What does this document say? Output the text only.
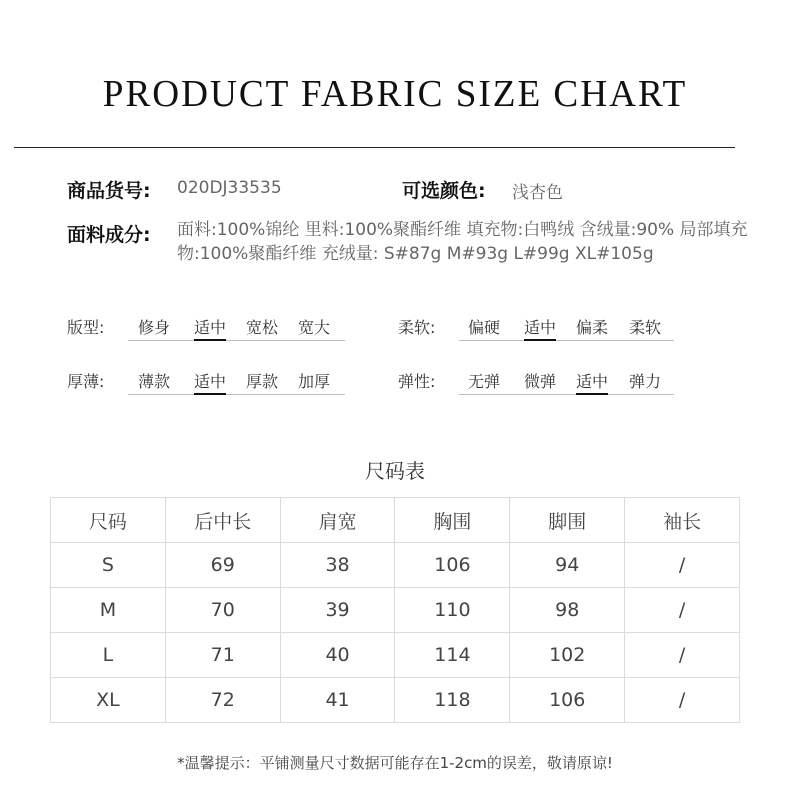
PRODUCT FABRIC SIZE CHART
商品货号: 020DJ33535	可选颜色: 浅杏色
面料成分: 面料:100%锦纶 里料:100%聚酯纤维 填充物:白鸭绒 含绒量:90% 局部填充物:100%聚酯纤维 充绒量: S#87g M#93g L#99g XL#105g
版型:	修身	适中	宽松	宽大	柔软:	偏硬	适中	偏柔	柔软
厚薄:	薄款	适中	厚款	加厚	弹性:	无弹	微弹	适中	弹力
尺码表
尺码	后中长	肩宽	胸围	脚围	袖长
S	69	38	106	94	/
M	70	39	110	98	/
L	71	40	114	102	/
XL	72	41	118	106	/
*温馨提示：平铺测量尺寸数据可能存在1-2cm的误差，敬请原谅!
